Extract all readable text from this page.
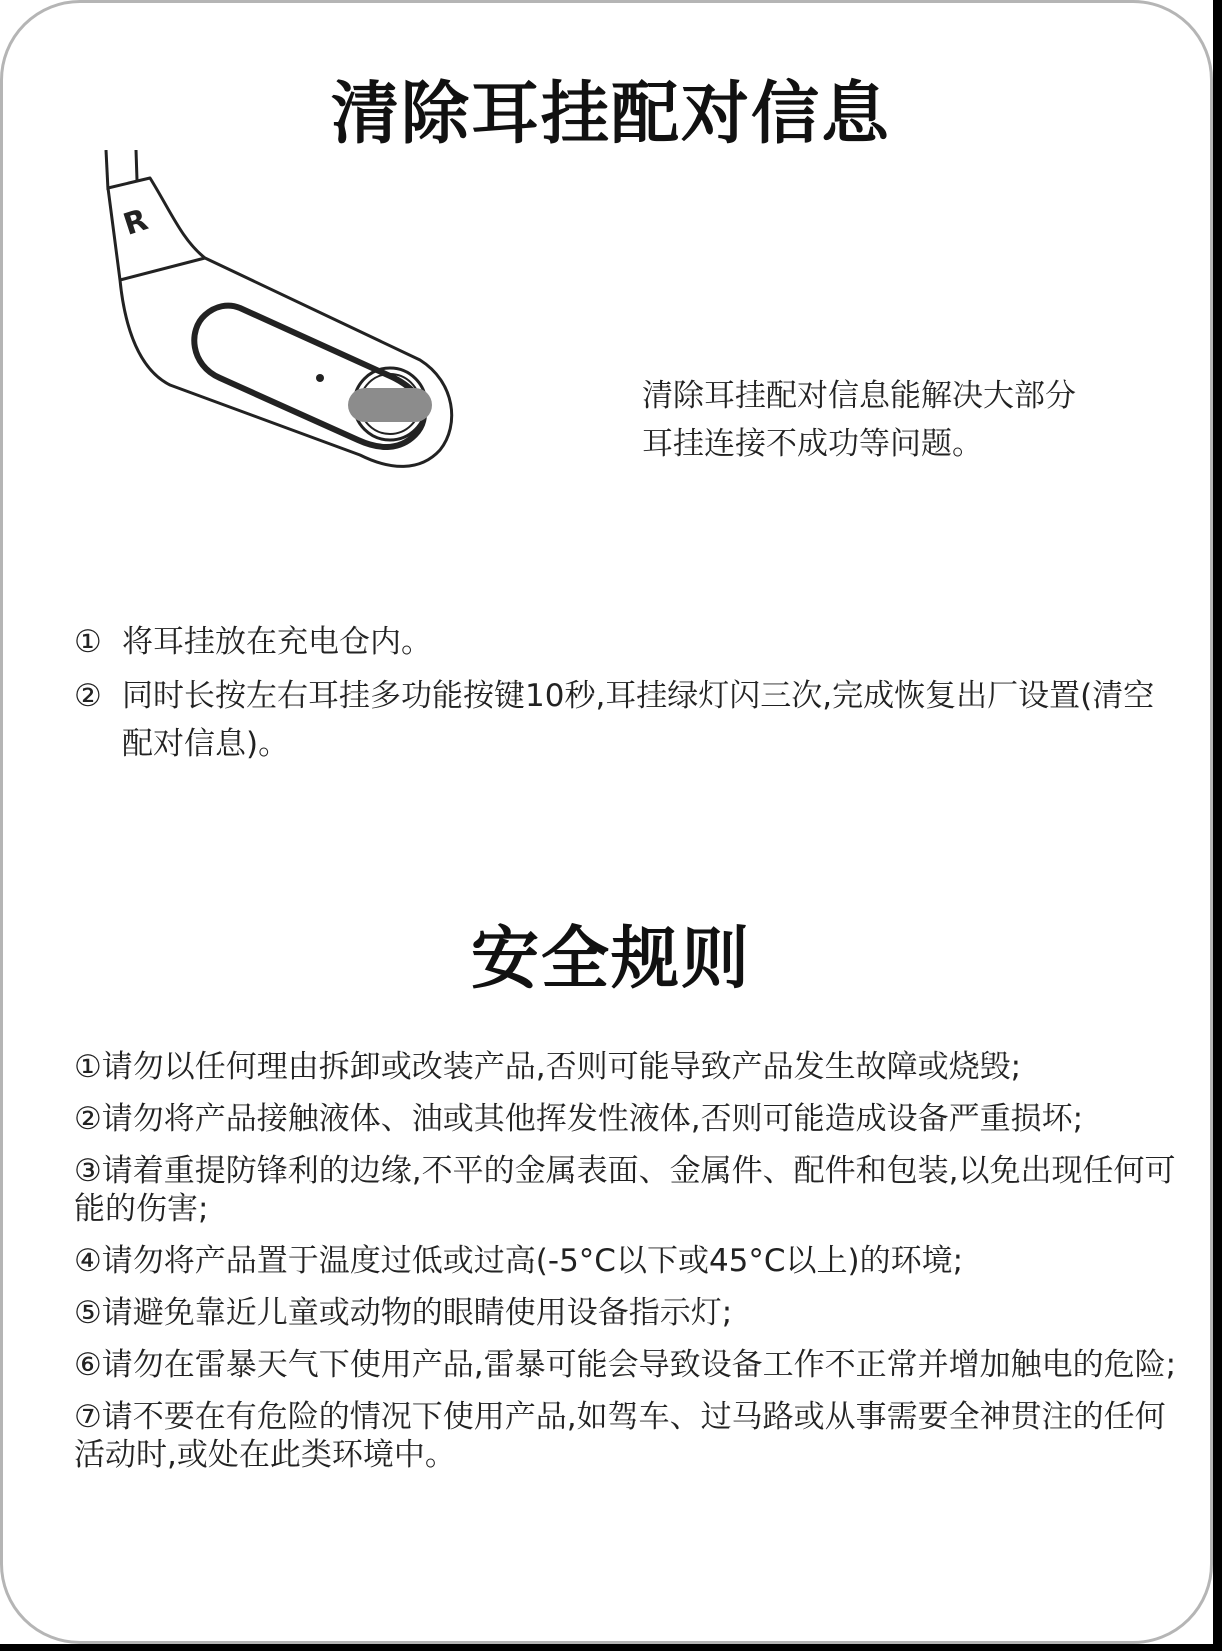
清除耳挂配对信息
R
清除耳挂配对信息能解决大部分
耳挂连接不成功等问题。
① 将耳挂放在充电仓内。
② 同时长按左右耳挂多功能按键10秒,耳挂绿灯闪三次,完成恢复出厂设置(清空配对信息)。
安全规则
①请勿以任何理由拆卸或改装产品,否则可能导致产品发生故障或烧毁;
②请勿将产品接触液体、油或其他挥发性液体,否则可能造成设备严重损坏;
③请着重提防锋利的边缘,不平的金属表面、金属件、配件和包装,以免出现任何可能的伤害;
④请勿将产品置于温度过低或过高(-5°C以下或45°C以上)的环境;
⑤请避免靠近儿童或动物的眼睛使用设备指示灯;
⑥请勿在雷暴天气下使用产品,雷暴可能会导致设备工作不正常并增加触电的危险;
⑦请不要在有危险的情况下使用产品,如驾车、过马路或从事需要全神贯注的任何活动时,或处在此类环境中。
